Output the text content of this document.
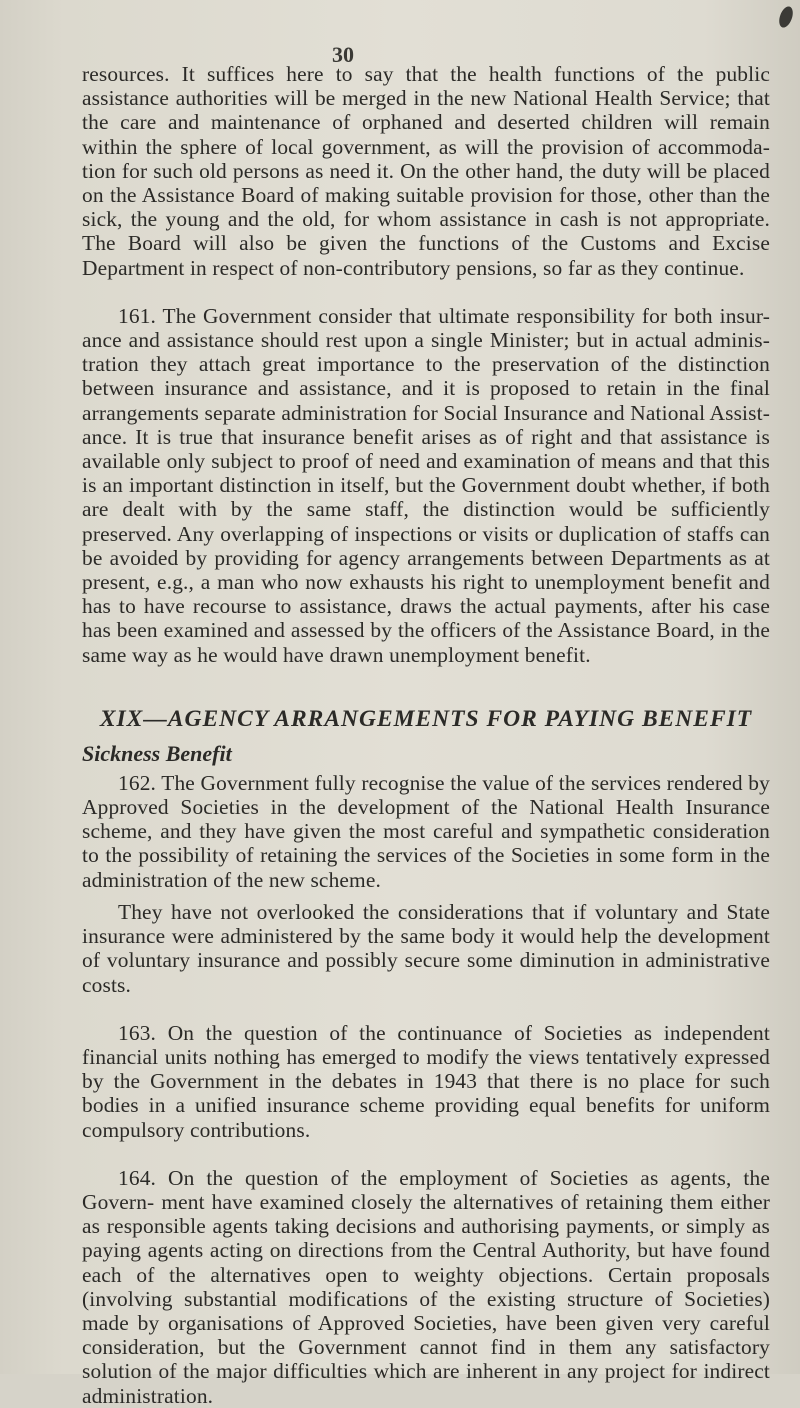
30

resources. It suffices here to say that the health functions of the public assistance authorities will be merged in the new National Health Service; that the care and maintenance of orphaned and deserted children will remain within the sphere of local government, as will the provision of accommoda- tion for such old persons as need it. On the other hand, the duty will be placed on the Assistance Board of making suitable provision for those, other than the sick, the young and the old, for whom assistance in cash is not appropriate. The Board will also be given the functions of the Customs and Excise Department in respect of non-contributory pensions, so far as they continue.

161. The Government consider that ultimate responsibility for both insur- ance and assistance should rest upon a single Minister; but in actual adminis- tration they attach great importance to the preservation of the distinction between insurance and assistance, and it is proposed to retain in the final arrangements separate administration for Social Insurance and National Assist- ance. It is true that insurance benefit arises as of right and that assistance is available only subject to proof of need and examination of means and that this is an important distinction in itself, but the Government doubt whether, if both are dealt with by the same staff, the distinction would be sufficiently preserved. Any overlapping of inspections or visits or duplication of staffs can be avoided by providing for agency arrangements between Departments as at present, e.g., a man who now exhausts his right to unemployment benefit and has to have recourse to assistance, draws the actual payments, after his case has been examined and assessed by the officers of the Assistance Board, in the same way as he would have drawn unemployment benefit.

XIX—AGENCY ARRANGEMENTS FOR PAYING BENEFIT
Sickness Benefit

162. The Government fully recognise the value of the services rendered by Approved Societies in the development of the National Health Insurance scheme, and they have given the most careful and sympathetic consideration to the possibility of retaining the services of the Societies in some form in the administration of the new scheme.

They have not overlooked the considerations that if voluntary and State insurance were administered by the same body it would help the development of voluntary insurance and possibly secure some diminution in administrative costs.

163. On the question of the continuance of Societies as independent financial units nothing has emerged to modify the views tentatively expressed by the Government in the debates in 1943 that there is no place for such bodies in a unified insurance scheme providing equal benefits for uniform compulsory contributions.

164. On the question of the employment of Societies as agents, the Govern- ment have examined closely the alternatives of retaining them either as responsible agents taking decisions and authorising payments, or simply as paying agents acting on directions from the Central Authority, but have found each of the alternatives open to weighty objections. Certain proposals (involving substantial modifications of the existing structure of Societies) made by organisations of Approved Societies, have been given very careful consideration, but the Government cannot find in them any satisfactory solution of the major difficulties which are inherent in any project for indirect administration.
